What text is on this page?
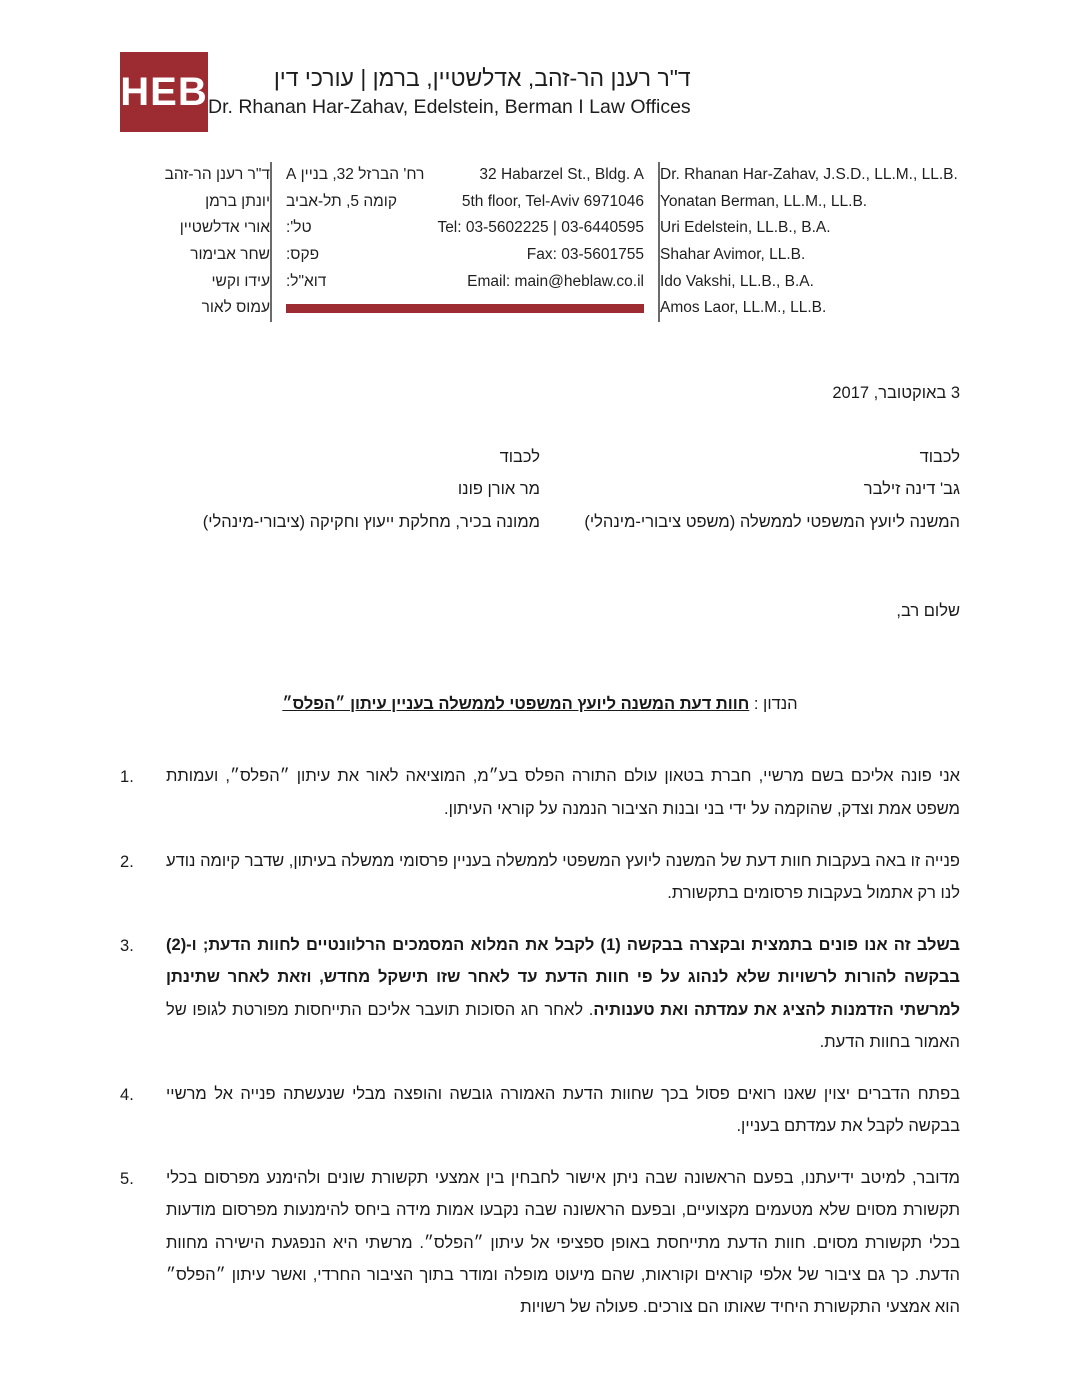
HEB	ד"ר רענן הר-זהב, אדלשטיין, ברמן | עורכי דין
Dr. Rhanan Har-Zahav, Edelstein, Berman I Law Offices
Dr. Rhanan Har-Zahav, J.S.D., LL.M., LL.B.
Yonatan Berman, LL.M., LL.B.
Uri Edelstein, LL.B., B.A.
Shahar Avimor, LL.B.
Ido Vakshi, LL.B., B.A.
Amos Laor, LL.M., LL.B.
32 Habarzel St., Bldg. A
רח' הברזל 32, בניין A
5th floor, Tel-Aviv 6971046
קומה 5, תל-אביב
Tel: 03-5602225 | 03-6440595
טל':
Fax: 03-5601755
פקס:
Email: main@heblaw.co.il
דוא"ל:
ד"ר רענן הר-זהב
יונתן ברמן
אורי אדלשטיין
שחר אבימור
עידו וקשי
עמוס לאור
3 באוקטובר, 2017
לכבוד
גב' דינה זילבר
המשנה ליועץ המשפטי לממשלה (משפט ציבורי-מינהלי)
לכבוד
מר אורן פונו
ממונה בכיר, מחלקת ייעוץ וחקיקה (ציבורי-מינהלי)
שלום רב,
הנדון : חוות דעת המשנה ליועץ המשפטי לממשלה בעניין עיתון ״הפלס״
אני פונה אליכם בשם מרשיי, חברת בטאון עולם התורה הפלס בע״מ, המוציאה לאור את עיתון ״הפלס״, ועמותת משפט אמת וצדק, שהוקמה על ידי בני ובנות הציבור הנמנה על קוראי העיתון.
.1
פנייה זו באה בעקבות חוות דעת של המשנה ליועץ המשפטי לממשלה בעניין פרסומי ממשלה בעיתון, שדבר קיומה נודע לנו רק אתמול בעקבות פרסומים בתקשורת.
.2
בשלב זה אנו פונים בתמצית ובקצרה בבקשה (1) לקבל את המלוא המסמכים הרלוונטיים לחוות הדעת; ו-(2) בבקשה להורות לרשויות שלא לנהוג על פי חוות הדעת עד לאחר שזו תישקל מחדש, וזאת לאחר שתינתן למרשתי הזדמנות להציג את עמדתה ואת טענותיה. לאחר חג הסוכות תועבר אליכם התייחסות מפורטת לגופו של האמור בחוות הדעת.
.3
בפתח הדברים יצוין שאנו רואים פסול בכך שחוות הדעת האמורה גובשה והופצה מבלי שנעשתה פנייה אל מרשיי בבקשה לקבל את עמדתם בעניין.
.4
מדובר, למיטב ידיעתנו, בפעם הראשונה שבה ניתן אישור לחבחין בין אמצעי תקשורת שונים ולהימנע מפרסום בכלי תקשורת מסוים שלא מטעמים מקצועיים, ובפעם הראשונה שבה נקבעו אמות מידה ביחס להימנעות מפרסום מודעות בכלי תקשורת מסוים. חוות הדעת מתייחסת באופן ספציפי אל עיתון ״הפלס״. מרשתי היא הנפגעת הישירה מחוות הדעת. כך גם ציבור של אלפי קוראים וקוראות, שהם מיעוט מופלה ומודר בתוך הציבור החרדי, ואשר עיתון ״הפלס״ הוא אמצעי התקשורת היחיד שאותו הם צורכים. פעולה של רשויות
.5
